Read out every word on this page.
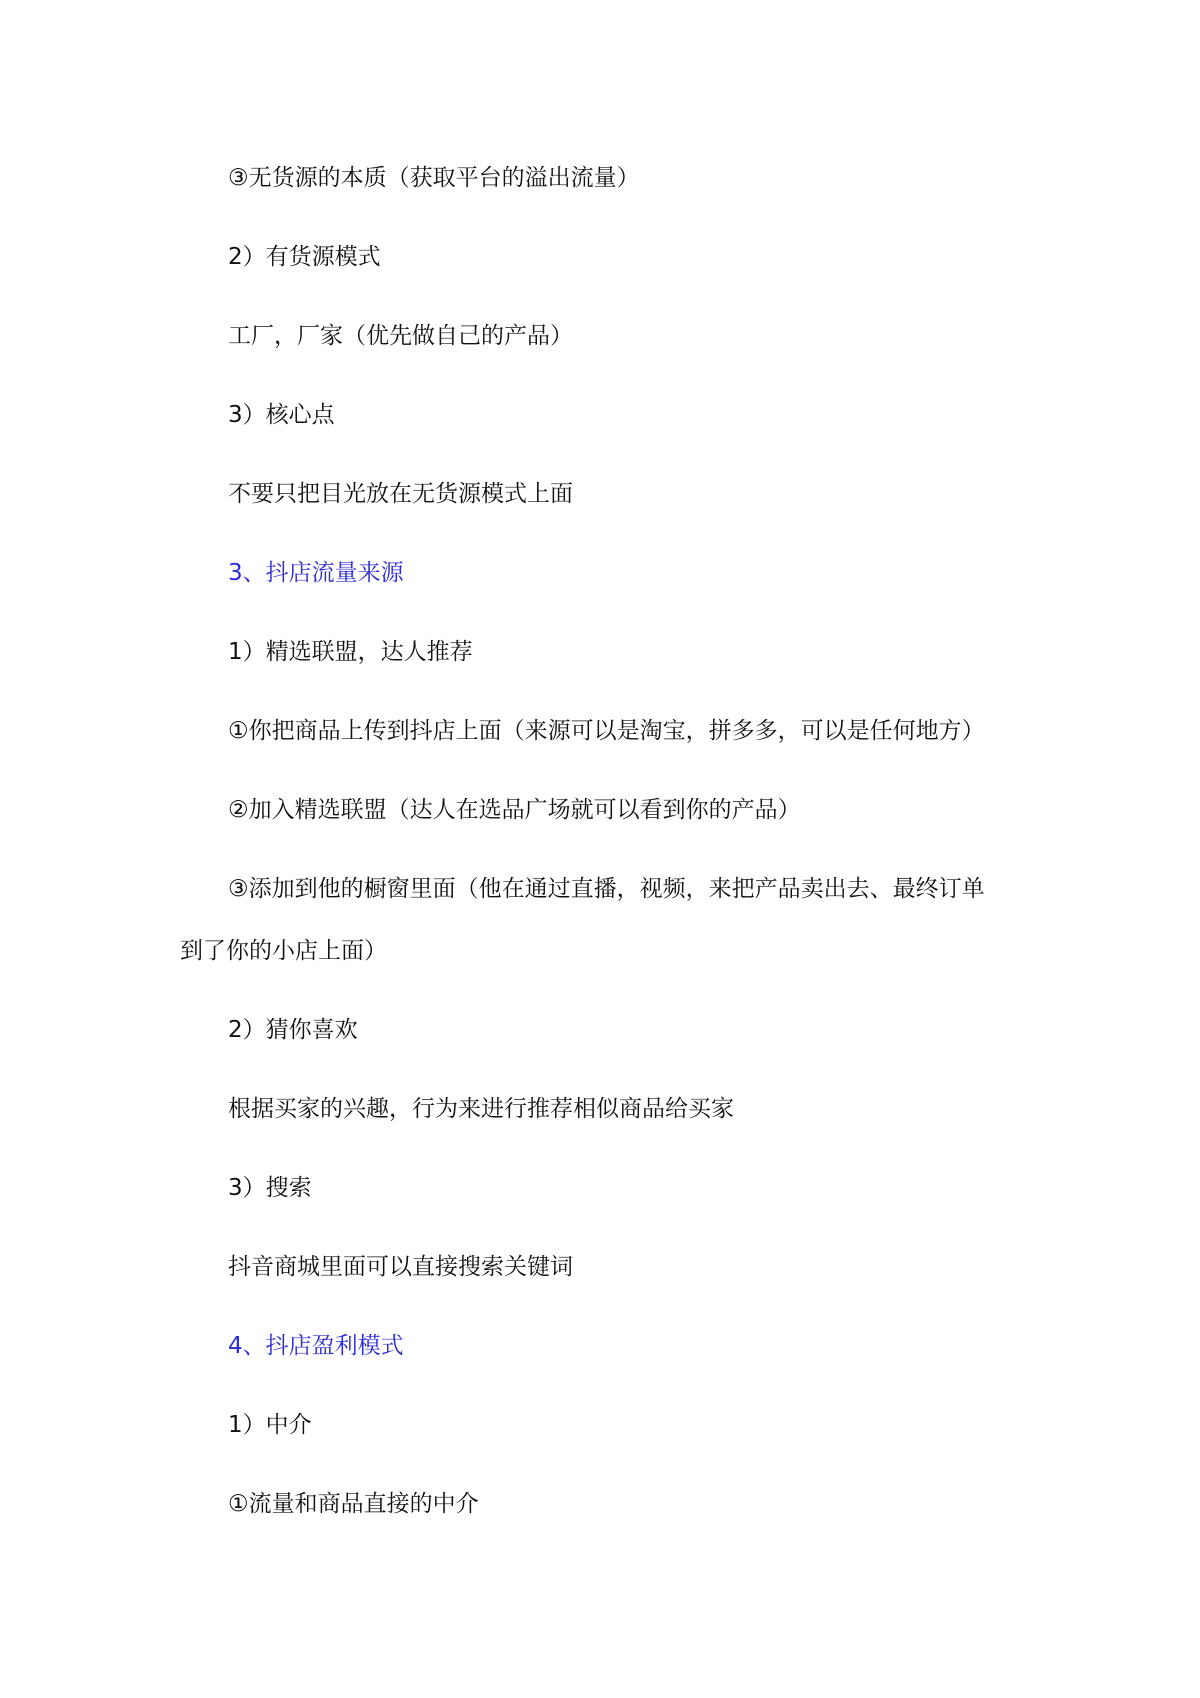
③无货源的本质（获取平台的溢出流量）

2）有货源模式

工厂，厂家（优先做自己的产品）

3）核心点

不要只把目光放在无货源模式上面

3、抖店流量来源

1）精选联盟，达人推荐

①你把商品上传到抖店上面（来源可以是淘宝，拼多多，可以是任何地方）

②加入精选联盟（达人在选品广场就可以看到你的产品）

③添加到他的橱窗里面（他在通过直播，视频，来把产品卖出去、最终订单

到了你的小店上面）

2）猜你喜欢

根据买家的兴趣，行为来进行推荐相似商品给买家

3）搜索

抖音商城里面可以直接搜索关键词

4、抖店盈利模式

1）中介

①流量和商品直接的中介
